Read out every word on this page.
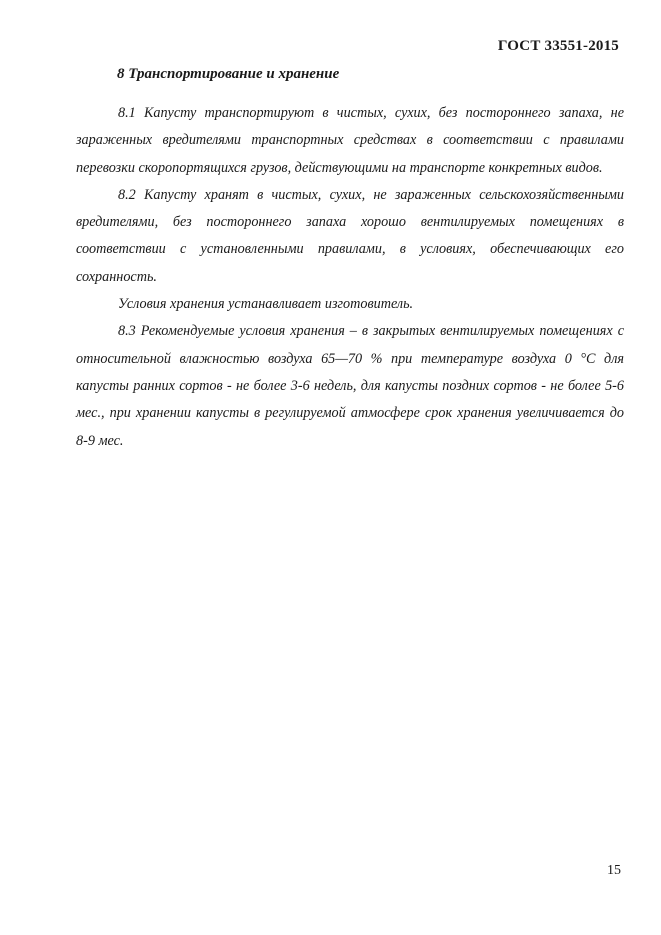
ГОСТ 33551-2015
8 Транспортирование и хранение

8.1 Капусту транспортируют в чистых, сухих, без постороннего запаха, не зараженных вредителями транспортных средствах в соответствии с правилами перевозки скоропортящихся грузов, действующими на транспорте конкретных видов.

8.2 Капусту хранят в чистых, сухих, не зараженных сельскохозяйственными вредителями, без постороннего запаха хорошо вентилируемых помещениях в соответствии с установленными правилами, в условиях, обеспечивающих его сохранность.

Условия хранения устанавливает изготовитель.

8.3 Рекомендуемые условия хранения – в закрытых вентилируемых помещениях с относительной влажностью воздуха 65—70 % при температуре воздуха 0 °С для капусты ранних сортов - не более 3-6 недель, для капусты поздних сортов - не более 5-6 мес., при хранении капусты в регулируемой атмосфере срок хранения увеличивается до 8-9 мес.

15
